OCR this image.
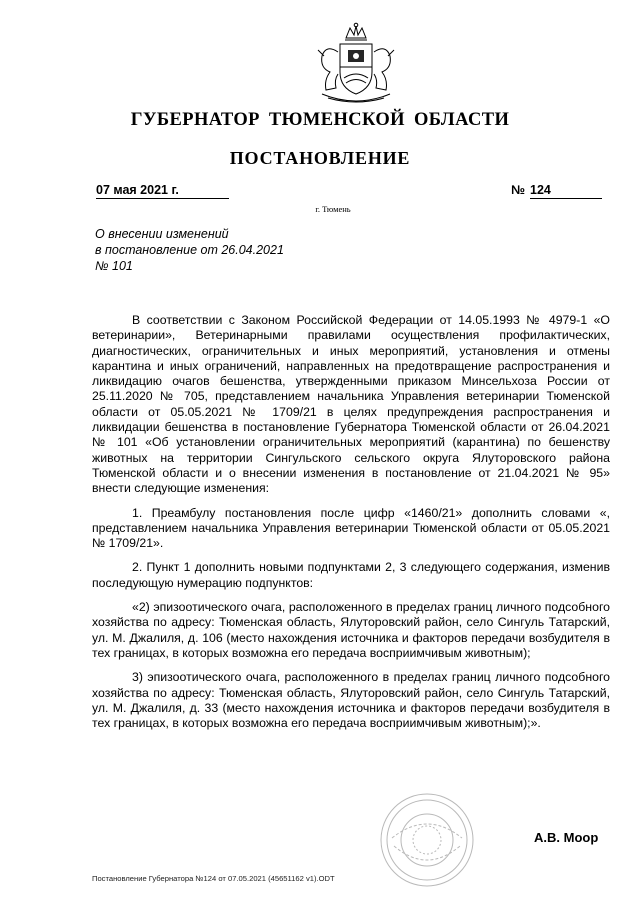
ГУБЕРНАТОР ТЮМЕНСКОЙ ОБЛАСТИ
ПОСТАНОВЛЕНИЕ
07 мая 2021 г.	№ 124
г. Тюмень
О внесении изменений
в постановление от 26.04.2021
№ 101

В соответствии с Законом Российской Федерации от 14.05.1993 № 4979-1 «О ветеринарии», Ветеринарными правилами осуществления профилактических, диагностических, ограничительных и иных мероприятий, установления и отмены карантина и иных ограничений, направленных на предотвращение распространения и ликвидацию очагов бешенства, утвержденными приказом Минсельхоза России от 25.11.2020 № 705, представлением начальника Управления ветеринарии Тюменской области от 05.05.2021 № 1709/21 в целях предупреждения распространения и ликвидации бешенства в постановление Губернатора Тюменской области от 26.04.2021 № 101 «Об установлении ограничительных мероприятий (карантина) по бешенству животных на территории Сингульского сельского округа Ялуторовского района Тюменской области и о внесении изменения в постановление от 21.04.2021 № 95» внести следующие изменения:

1. Преамбулу постановления после цифр «1460/21» дополнить словами «, представлением начальника Управления ветеринарии Тюменской области от 05.05.2021 № 1709/21».

2. Пункт 1 дополнить новыми подпунктами 2, 3 следующего содержания, изменив последующую нумерацию подпунктов:

«2) эпизоотического очага, расположенного в пределах границ личного подсобного хозяйства по адресу: Тюменская область, Ялуторовский район, село Сингуль Татарский, ул. М. Джалиля, д. 106 (место нахождения источника и факторов передачи возбудителя в тех границах, в которых возможна его передача восприимчивым животным);

3) эпизоотического очага, расположенного в пределах границ личного подсобного хозяйства по адресу: Тюменская область, Ялуторовский район, село Сингуль Татарский, ул. М. Джалиля, д. 33 (место нахождения источника и факторов передачи возбудителя в тех границах, в которых возможна его передача восприимчивым животным);».

А.В. Моор
Постановление Губернатора №124 от 07.05.2021 (45651162 v1).ODT
